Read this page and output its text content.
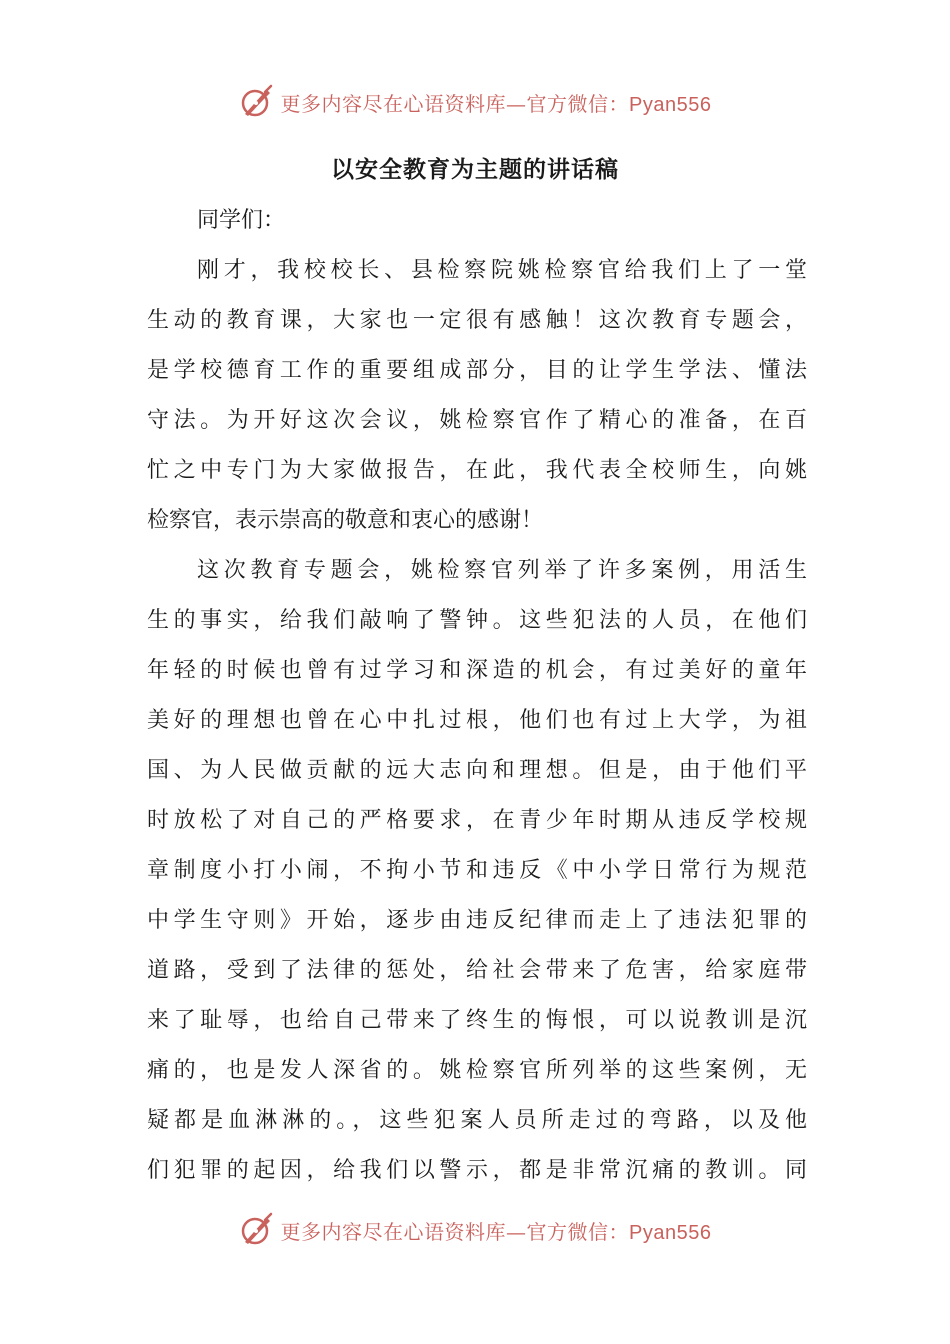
更多内容尽在心语资料库—官方微信：Pyan556
以安全教育为主题的讲话稿
同学们：
刚才，我校校长、县检察院姚检察官给我们上了一堂
生动的教育课，大家也一定很有感触！这次教育专题会，
是学校德育工作的重要组成部分，目的让学生学法、懂法
守法。为开好这次会议，姚检察官作了精心的准备，在百
忙之中专门为大家做报告，在此，我代表全校师生，向姚
检察官，表示崇高的敬意和衷心的感谢！
这次教育专题会，姚检察官列举了许多案例，用活生
生的事实，给我们敲响了警钟。这些犯法的人员，在他们
年轻的时候也曾有过学习和深造的机会，有过美好的童年
美好的理想也曾在心中扎过根，他们也有过上大学，为祖
国、为人民做贡献的远大志向和理想。但是，由于他们平
时放松了对自己的严格要求，在青少年时期从违反学校规
章制度小打小闹，不拘小节和违反《中小学日常行为规范
中学生守则》开始，逐步由违反纪律而走上了违法犯罪的
道路，受到了法律的惩处，给社会带来了危害，给家庭带
来了耻辱，也给自己带来了终生的悔恨，可以说教训是沉
痛的，也是发人深省的。姚检察官所列举的这些案例，无
疑都是血淋淋的。，这些犯案人员所走过的弯路，以及他
们犯罪的起因，给我们以警示，都是非常沉痛的教训。同
更多内容尽在心语资料库—官方微信：Pyan556
